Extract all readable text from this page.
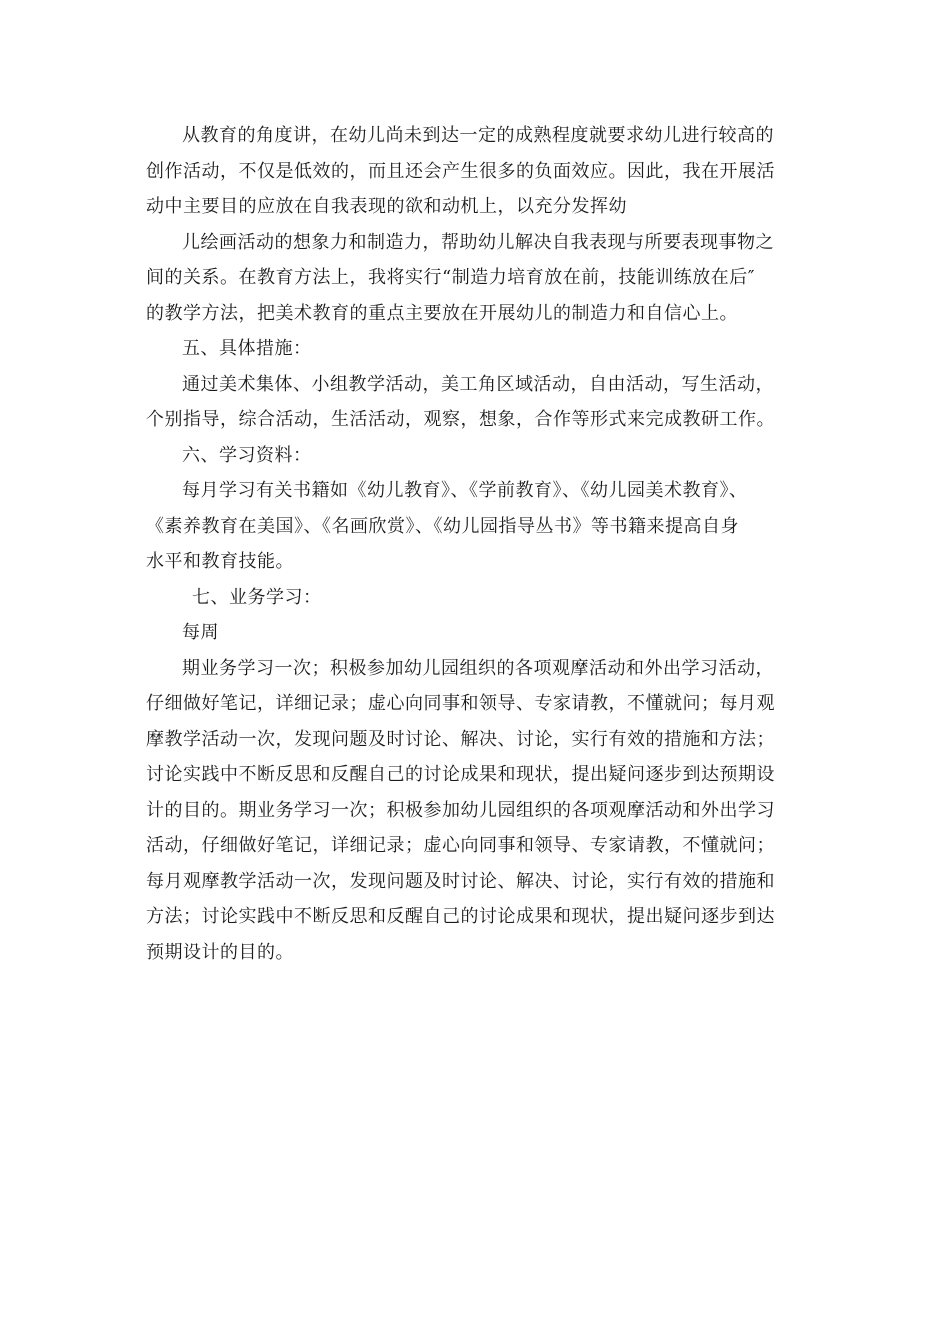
从教育的角度讲，在幼儿尚未到达一定的成熟程度就要求幼儿进行较高的
创作活动，不仅是低效的，而且还会产生很多的负面效应。因此，我在开展活
动中主要目的应放在自我表现的欲和动机上，以充分发挥幼
儿绘画活动的想象力和制造力，帮助幼儿解决自我表现与所要表现事物之
间的关系。在教育方法上，我将实行“制造力培育放在前，技能训练放在后″
的教学方法，把美术教育的重点主要放在开展幼儿的制造力和自信心上。
五、具体措施：
通过美术集体、小组教学活动，美工角区域活动，自由活动，写生活动，
个别指导，综合活动，生活活动，观察，想象，合作等形式来完成教研工作。
六、学习资料：
每月学习有关书籍如《幼儿教育》、《学前教育》、《幼儿园美术教育》、
《素养教育在美国》、《名画欣赏》、《幼儿园指导丛书》等书籍来提高自身
水平和教育技能。
七、业务学习：
每周
期业务学习一次；积极参加幼儿园组织的各项观摩活动和外出学习活动，
仔细做好笔记，详细记录；虚心向同事和领导、专家请教，不懂就问；每月观
摩教学活动一次，发现问题及时讨论、解决、讨论，实行有效的措施和方法；
讨论实践中不断反思和反醒自己的讨论成果和现状，提出疑问逐步到达预期设
计的目的。期业务学习一次；积极参加幼儿园组织的各项观摩活动和外出学习
活动，仔细做好笔记，详细记录；虚心向同事和领导、专家请教，不懂就问；
每月观摩教学活动一次，发现问题及时讨论、解决、讨论，实行有效的措施和
方法；讨论实践中不断反思和反醒自己的讨论成果和现状，提出疑问逐步到达
预期设计的目的。
